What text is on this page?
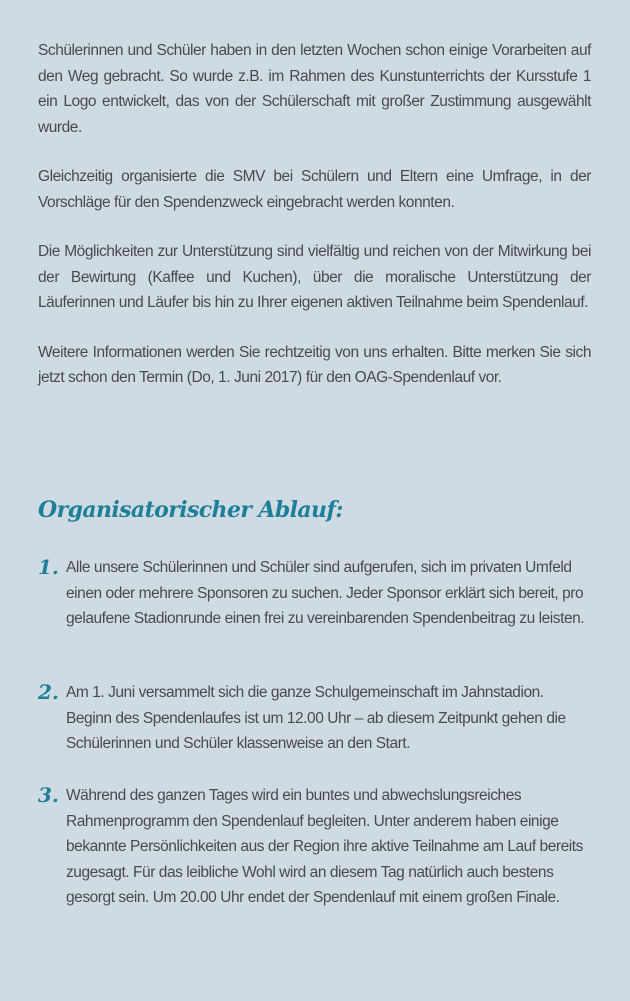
Schülerinnen und Schüler haben in den letzten Wochen schon einige Vorarbeiten auf den Weg gebracht. So wurde z.B. im Rahmen des Kunstunterrichts der Kursstufe 1 ein Logo entwickelt, das von der Schülerschaft mit großer Zustimmung ausgewählt wurde.

Gleichzeitig organisierte die SMV bei Schülern und Eltern eine Umfrage, in der Vorschläge für den Spendenzweck eingebracht werden konnten.

Die Möglichkeiten zur Unterstützung sind vielfältig und reichen von der Mitwirkung bei der Bewirtung (Kaffee und Kuchen), über die moralische Unterstützung der Läuferinnen und Läufer bis hin zu Ihrer eigenen aktiven Teilnahme beim Spendenlauf.

Weitere Informationen werden Sie rechtzeitig von uns erhalten. Bitte merken Sie sich jetzt schon den Termin (Do, 1. Juni 2017) für den OAG-Spendenlauf vor.

Organisatorischer Ablauf:
1. Alle unsere Schülerinnen und Schüler sind aufgerufen, sich im privaten Umfeld einen oder mehrere Sponsoren zu suchen. Jeder Sponsor erklärt sich bereit, pro gelaufene Stadionrunde einen frei zu vereinbarenden Spendenbeitrag zu leisten.

2. Am 1. Juni versammelt sich die ganze Schulgemeinschaft im Jahnstadion. Beginn des Spendenlaufes ist um 12.00 Uhr – ab diesem Zeitpunkt gehen die Schülerinnen und Schüler klassenweise an den Start.

3. Während des ganzen Tages wird ein buntes und abwechslungsreiches Rahmenprogramm den Spendenlauf begleiten. Unter anderem haben einige bekannte Persönlichkeiten aus der Region ihre aktive Teilnahme am Lauf bereits zugesagt. Für das leibliche Wohl wird an diesem Tag natürlich auch bestens gesorgt sein. Um 20.00 Uhr endet der Spendenlauf mit einem großen Finale.
